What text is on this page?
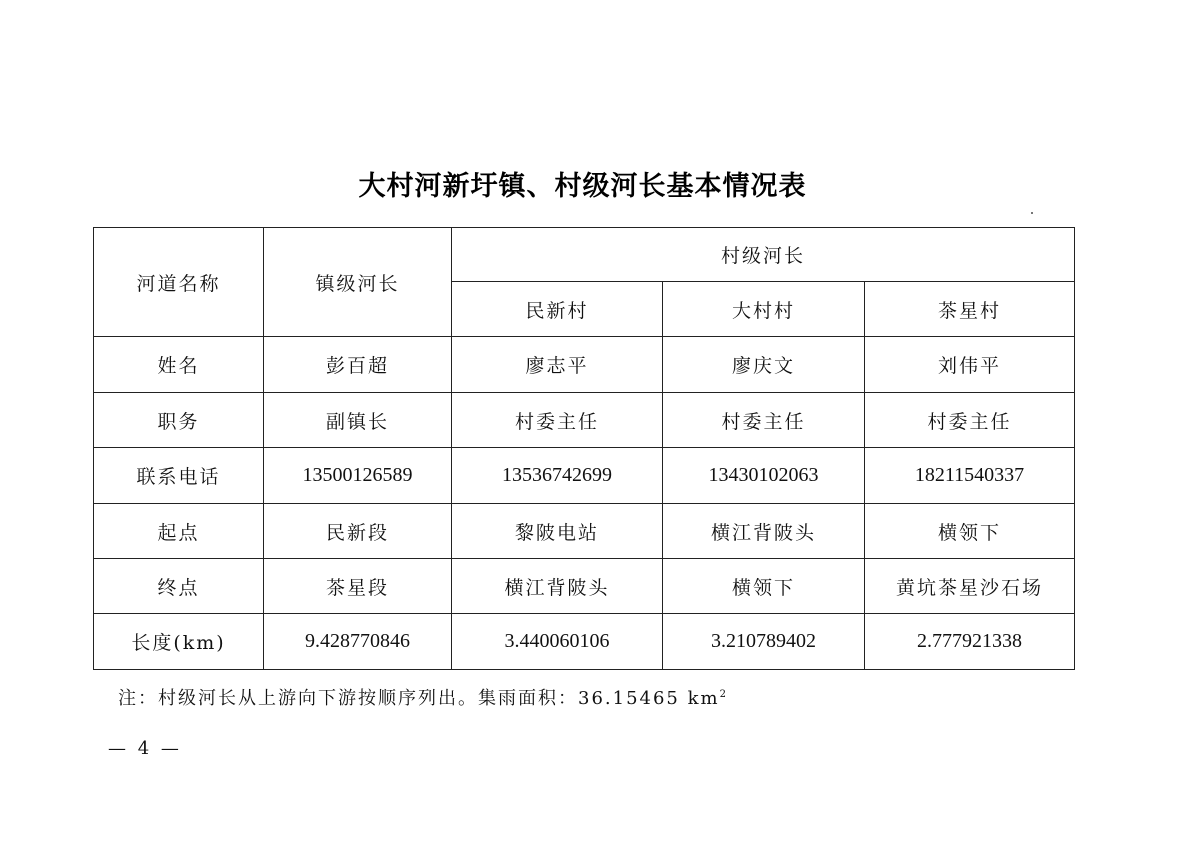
大村河新圩镇、村级河长基本情况表
河道名称	镇级河长	村级河长		
		民新村	大村村	茶星村
姓名	彭百超	廖志平	廖庆文	刘伟平
职务	副镇长	村委主任	村委主任	村委主任
联系电话	13500126589	13536742699	13430102063	18211540337
起点	民新段	黎陂电站	横江背陂头	横领下
终点	茶星段	横江背陂头	横领下	黄坑茶星沙石场
长度(km)	9.428770846	3.440060106	3.210789402	2.777921338
注：村级河长从上游向下游按顺序列出。集雨面积：36.15465 $km^2$
— 4 —
